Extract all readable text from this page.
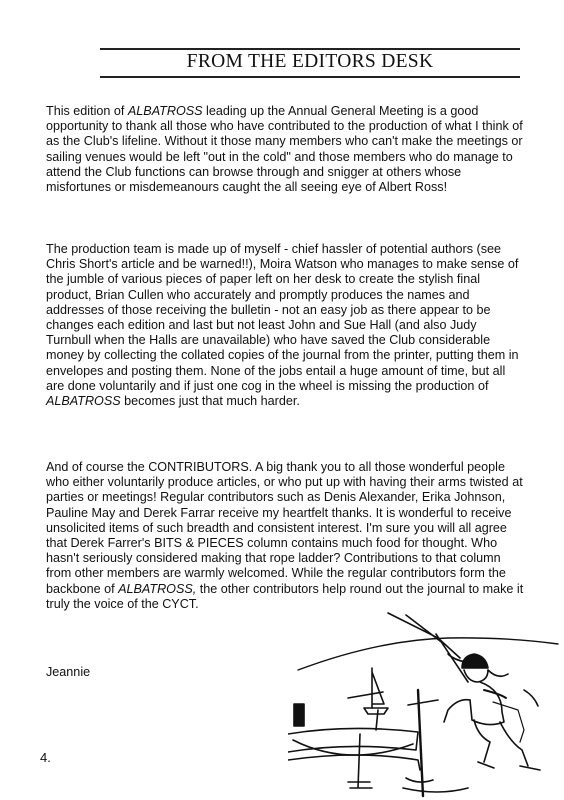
FROM THE EDITORS DESK

This edition of ALBATROSS leading up the Annual General Meeting is a good opportunity to thank all those who have contributed to the production of what I think of as the Club's lifeline. Without it those many members who can't make the meetings or sailing venues would be left "out in the cold" and those members who do manage to attend the Club functions can browse through and snigger at others whose misfortunes or misdemeanours caught the all seeing eye of Albert Ross!

The production team is made up of myself - chief hassler of potential authors (see Chris Short's article and be warned!!), Moira Watson who manages to make sense of the jumble of various pieces of paper left on her desk to create the stylish final product, Brian Cullen who accurately and promptly produces the names and addresses of those receiving the bulletin - not an easy job as there appear to be changes each edition and last but not least John and Sue Hall (and also Judy Turnbull when the Halls are unavailable) who have saved the Club considerable money by collecting the collated copies of the journal from the printer, putting them in envelopes and posting them. None of the jobs entail a huge amount of time, but all are done voluntarily and if just one cog in the wheel is missing the production of ALBATROSS becomes just that much harder.

And of course the CONTRIBUTORS. A big thank you to all those wonderful people who either voluntarily produce articles, or who put up with having their arms twisted at parties or meetings! Regular contributors such as Denis Alexander, Erika Johnson, Pauline May and Derek Farrar receive my heartfelt thanks. It is wonderful to receive unsolicited items of such breadth and consistent interest. I'm sure you will all agree that Derek Farrer's BITS & PIECES column contains much food for thought. Who hasn't seriously considered making that rope ladder? Contributions to that column from other members are warmly welcomed. While the regular contributors form the backbone of ALBATROSS, the other contributors help round out the journal to make it truly the voice of the CYCT.

Jeannie
4.
